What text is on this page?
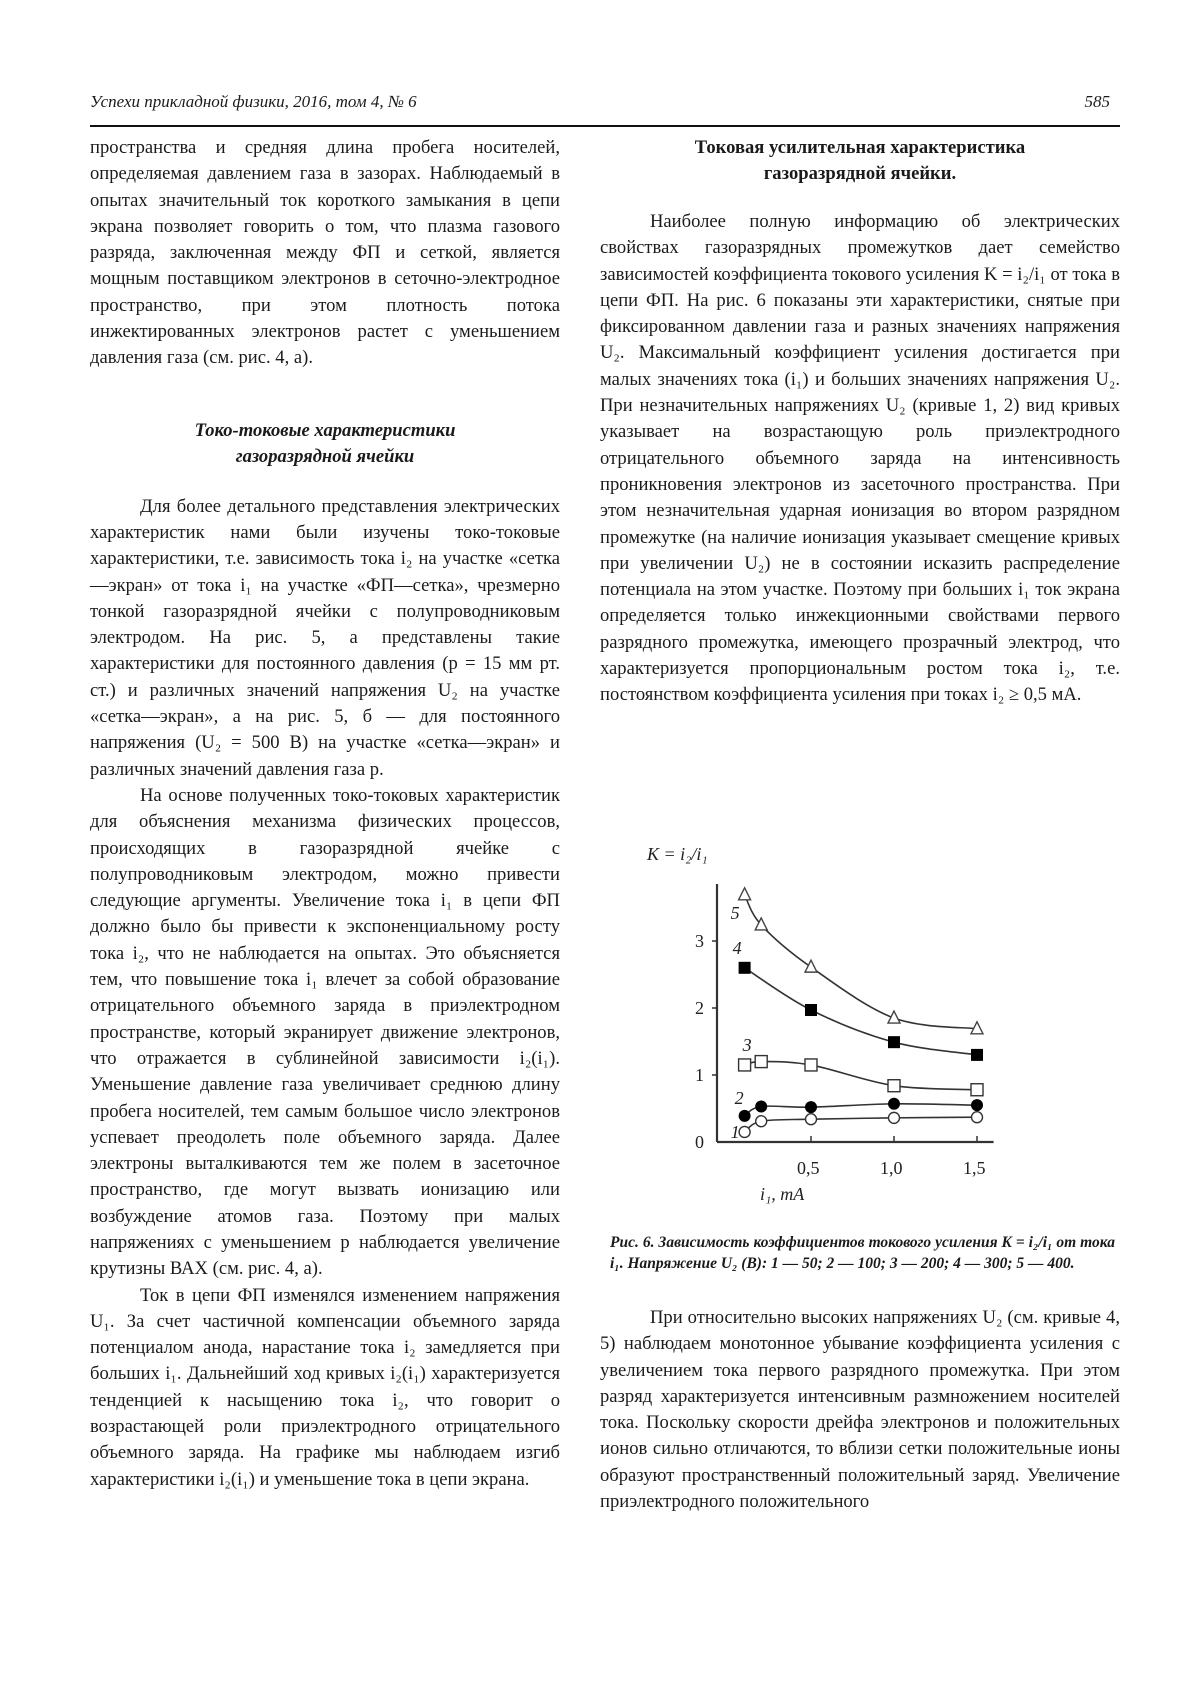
Успехи прикладной физики, 2016, том 4, № 6	585

пространства и средняя длина пробега носителей, определяемая давлением газа в зазорах. Наблюдаемый в опытах значительный ток короткого замыкания в цепи экрана позволяет говорить о том, что плазма газового разряда, заключенная между ФП и сеткой, является мощным поставщиком электронов в сеточно-электродное пространство, при этом плотность потока инжектированных электронов растет с уменьшением давления газа (см. рис. 4, а).

Токо-токовые характеристики
газоразрядной ячейки

Для более детального представления электрических характеристик нами были изучены токо-токовые характеристики, т.е. зависимость тока i₂ на участке «сетка—экран» от тока i₁ на участке «ФП—сетка», чрезмерно тонкой газоразрядной ячейки с полупроводниковым электродом. На рис. 5, а представлены такие характеристики для постоянного давления (p = 15 мм рт. ст.) и различных значений напряжения U₂ на участке «сетка—экран», а на рис. 5, б — для постоянного напряжения (U₂ = 500 В) на участке «сетка—экран» и различных значений давления газа p.

На основе полученных токо-токовых характеристик для объяснения механизма физических процессов, происходящих в газоразрядной ячейке с полупроводниковым электродом, можно привести следующие аргументы. Увеличение тока i₁ в цепи ФП должно было бы привести к экспоненциальному росту тока i₂, что не наблюдается на опытах. Это объясняется тем, что повышение тока i₁ влечет за собой образование отрицательного объемного заряда в приэлектродном пространстве, который экранирует движение электронов, что отражается в сублинейной зависимости i₂(i₁). Уменьшение давление газа увеличивает среднюю длину пробега носителей, тем самым большое число электронов успевает преодолеть поле объемного заряда. Далее электроны выталкиваются тем же полем в засеточное пространство, где могут вызвать ионизацию или возбуждение атомов газа. Поэтому при малых напряжениях с уменьшением p наблюдается увеличение крутизны ВАХ (см. рис. 4, а).

Ток в цепи ФП изменялся изменением напряжения U₁. За счет частичной компенсации объемного заряда потенциалом анода, нарастание тока i₂ замедляется при больших i₁. Дальнейший ход кривых i₂(i₁) характеризуется тенденцией к насыщению тока i₂, что говорит о возрастающей роли приэлектродного отрицательного объемного заряда. На графике мы наблюдаем изгиб характеристики i₂(i₁) и уменьшение тока в цепи экрана.

Токовая усилительная характеристика
газоразрядной ячейки.

Наиболее полную информацию об электрических свойствах газоразрядных промежутков дает семейство зависимостей коэффициента токового усиления K = i₂/i₁ от тока в цепи ФП. На рис. 6 показаны эти характеристики, снятые при фиксированном давлении газа и разных значениях напряжения U₂. Максимальный коэффициент усиления достигается при малых значениях тока (i₁) и больших значениях напряжения U₂. При незначительных напряжениях U₂ (кривые 1, 2) вид кривых указывает на возрастающую роль приэлектродного отрицательного объемного заряда на интенсивность проникновения электронов из засеточного пространства. При этом незначительная ударная ионизация во втором разрядном промежутке (на наличие ионизация указывает смещение кривых при увеличении U₂) не в состоянии исказить распределение потенциала на этом участке. Поэтому при больших i₁ ток экрана определяется только инжекционными свойствами первого разрядного промежутка, имеющего прозрачный электрод, что характеризуется пропорциональным ростом тока i₂, т.е. постоянством коэффициента усиления при токах i₂ ≥ 0,5 мА.

0
1
2
3
0,5	1,0	1,5
K = i₂/i₁
i₁, mA
1
2
3
4
5
Рис. 6. Зависимость коэффициентов токового усиления K = i₂/i₁ от тока i₁. Напряжение U₂ (В): 1 — 50; 2 — 100; 3 — 200; 4 — 300; 5 — 400.

При относительно высоких напряжениях U₂ (см. кривые 4, 5) наблюдаем монотонное убывание коэффициента усиления с увеличением тока первого разрядного промежутка. При этом разряд характеризуется интенсивным размножением носителей тока. Поскольку скорости дрейфа электронов и положительных ионов сильно отличаются, то вблизи сетки положительные ионы образуют пространственный положительный заряд. Увеличение приэлектродного положительного
